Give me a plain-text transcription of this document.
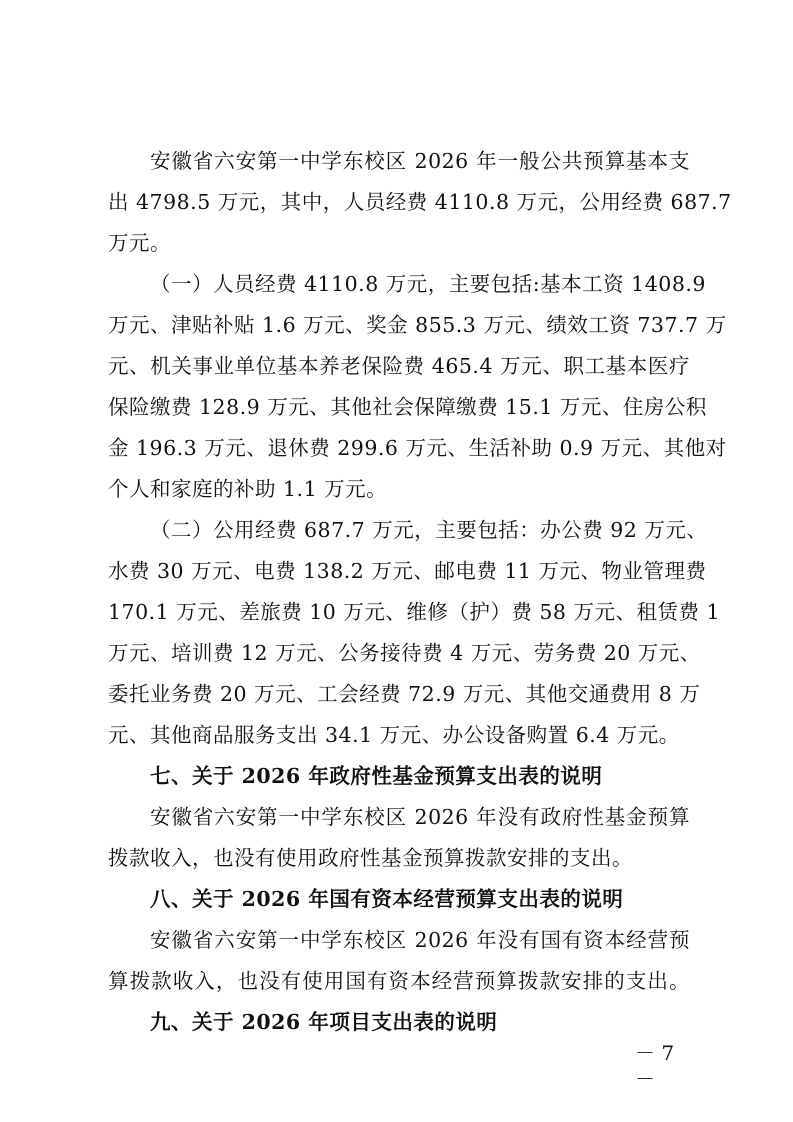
安徽省六安第一中学东校区 2026 年一般公共预算基本支
出 4798.5 万元，其中，人员经费 4110.8 万元，公用经费 687.7
万元。
（一）人员经费 4110.8 万元，主要包括:基本工资 1408.9
万元、津贴补贴 1.6 万元、奖金 855.3 万元、绩效工资 737.7 万
元、机关事业单位基本养老保险费 465.4 万元、职工基本医疗
保险缴费 128.9 万元、其他社会保障缴费 15.1 万元、住房公积
金 196.3 万元、退休费 299.6 万元、生活补助 0.9 万元、其他对
个人和家庭的补助 1.1 万元。
（二）公用经费 687.7 万元，主要包括：办公费 92 万元、
水费 30 万元、电费 138.2 万元、邮电费 11 万元、物业管理费
170.1 万元、差旅费 10 万元、维修（护）费 58 万元、租赁费 1
万元、培训费 12 万元、公务接待费 4 万元、劳务费 20 万元、
委托业务费 20 万元、工会经费 72.9 万元、其他交通费用 8 万
元、其他商品服务支出 34.1 万元、办公设备购置 6.4 万元。
七、关于 2026 年政府性基金预算支出表的说明
安徽省六安第一中学东校区 2026 年没有政府性基金预算
拨款收入，也没有使用政府性基金预算拨款安排的支出。
八、关于 2026 年国有资本经营预算支出表的说明
安徽省六安第一中学东校区 2026 年没有国有资本经营预
算拨款收入，也没有使用国有资本经营预算拨款安排的支出。
九、关于 2026 年项目支出表的说明
－ 7 －
